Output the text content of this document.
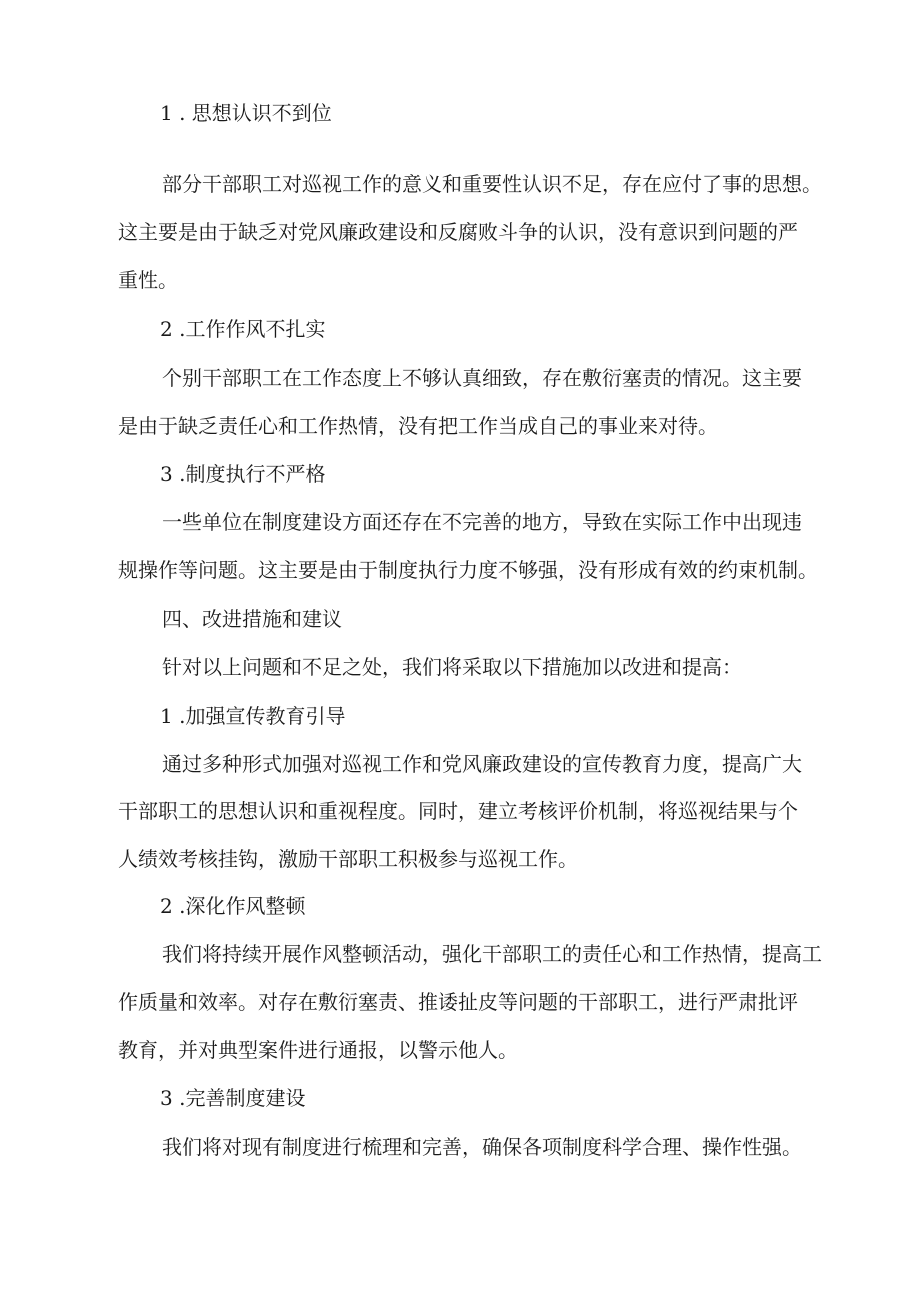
1 . 思想认识不到位
部分干部职工对巡视工作的意义和重要性认识不足，存在应付了事的思想。
这主要是由于缺乏对党风廉政建设和反腐败斗争的认识，没有意识到问题的严
重性。
2 .工作作风不扎实
个别干部职工在工作态度上不够认真细致，存在敷衍塞责的情况。这主要
是由于缺乏责任心和工作热情，没有把工作当成自己的事业来对待。
3 .制度执行不严格
一些单位在制度建设方面还存在不完善的地方，导致在实际工作中出现违
规操作等问题。这主要是由于制度执行力度不够强，没有形成有效的约束机制。
四、改进措施和建议
针对以上问题和不足之处，我们将采取以下措施加以改进和提高：
1 .加强宣传教育引导
通过多种形式加强对巡视工作和党风廉政建设的宣传教育力度，提高广大
干部职工的思想认识和重视程度。同时，建立考核评价机制，将巡视结果与个
人绩效考核挂钩，激励干部职工积极参与巡视工作。
2 .深化作风整顿
我们将持续开展作风整顿活动，强化干部职工的责任心和工作热情，提高工
作质量和效率。对存在敷衍塞责、推诿扯皮等问题的干部职工，进行严肃批评
教育，并对典型案件进行通报，以警示他人。
3 .完善制度建设
我们将对现有制度进行梳理和完善，确保各项制度科学合理、操作性强。
